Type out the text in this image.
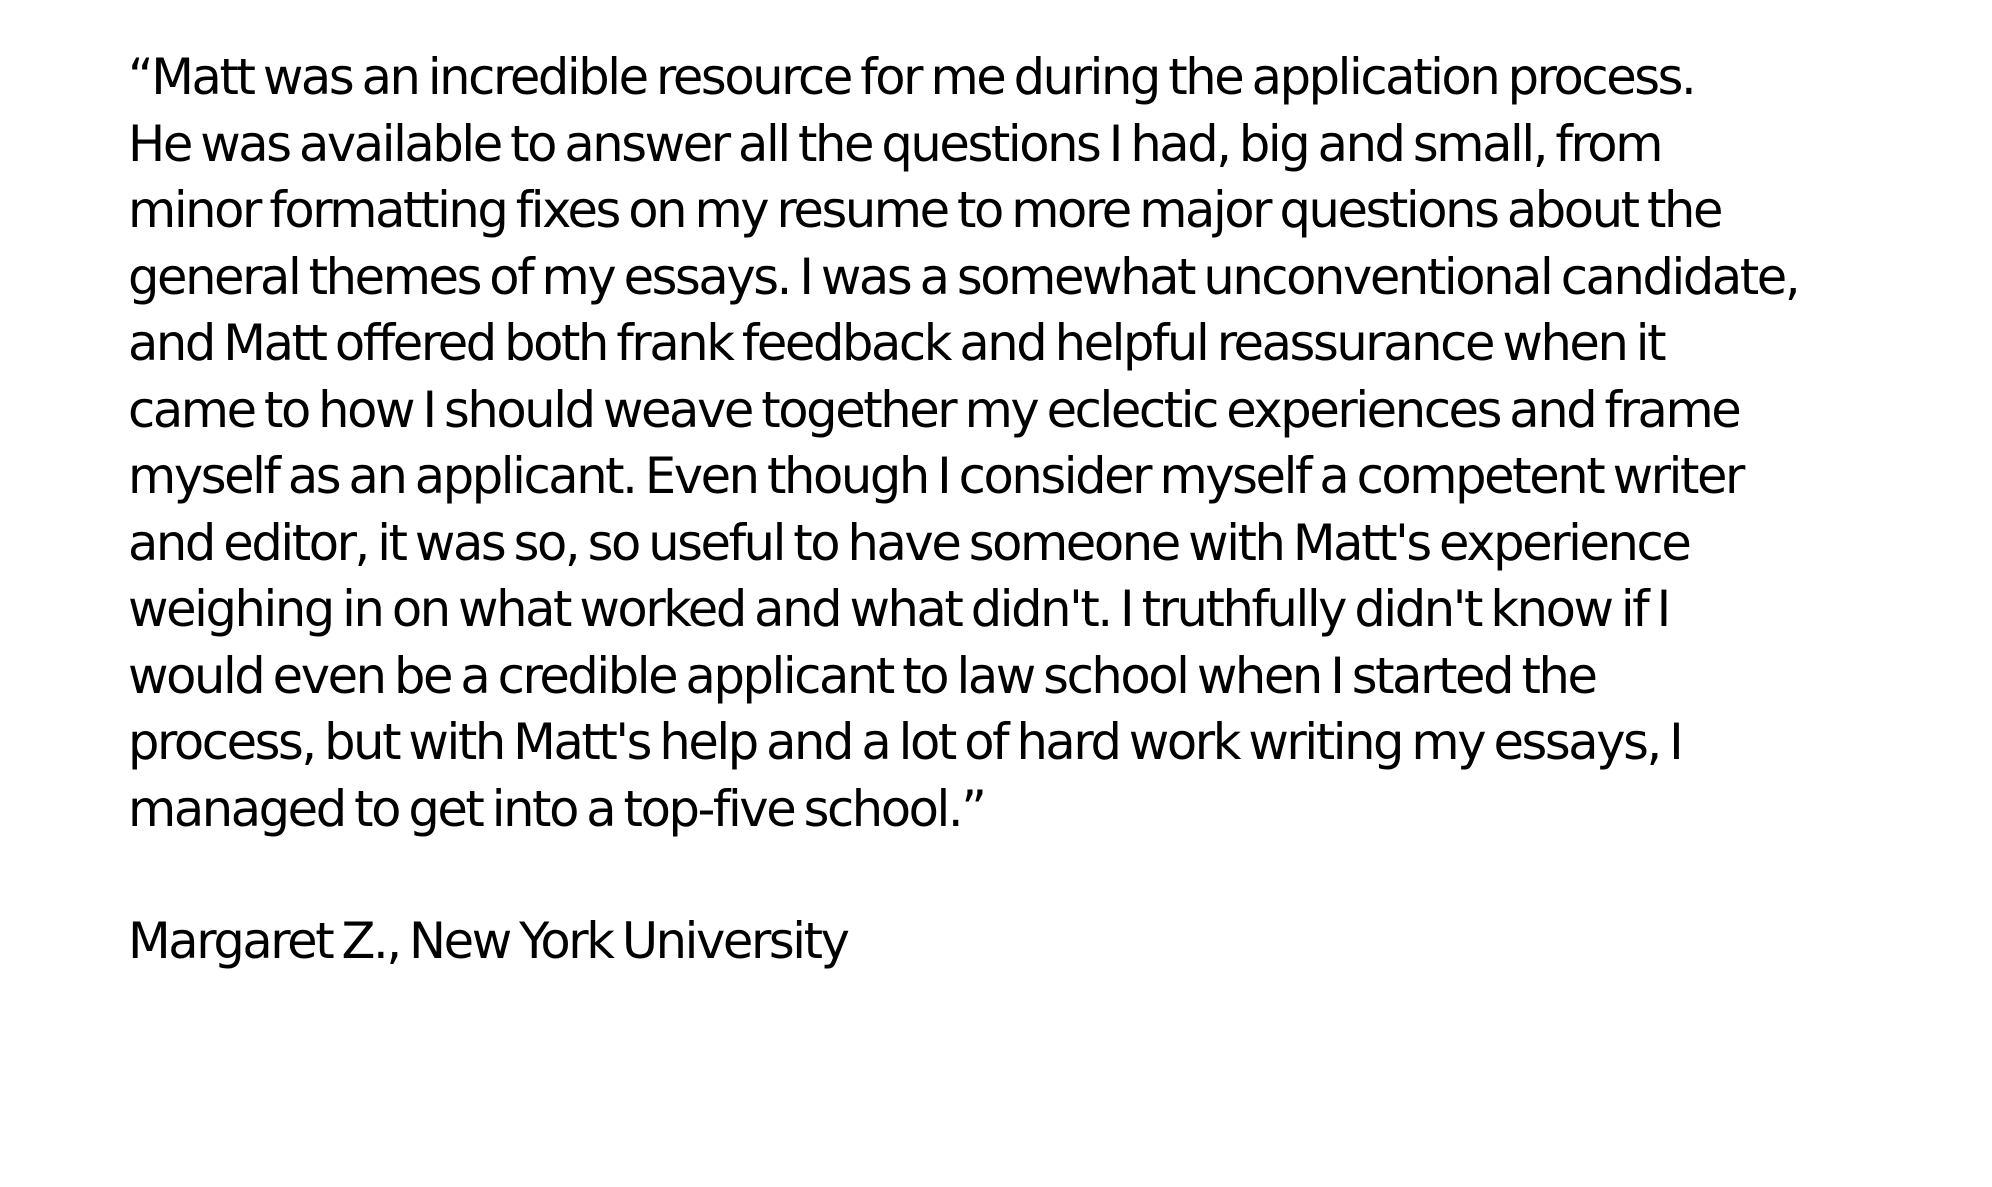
“Matt was an incredible resource for me during the application process.
He was available to answer all the questions I had, big and small, from
minor formatting fixes on my resume to more major questions about the
general themes of my essays. I was a somewhat unconventional candidate,
and Matt offered both frank feedback and helpful reassurance when it
came to how I should weave together my eclectic experiences and frame
myself as an applicant. Even though I consider myself a competent writer
and editor, it was so, so useful to have someone with Matt's experience
weighing in on what worked and what didn't. I truthfully didn't know if I
would even be a credible applicant to law school when I started the
process, but with Matt's help and a lot of hard work writing my essays, I
managed to get into a top-five school.”
Margaret Z., New York University
